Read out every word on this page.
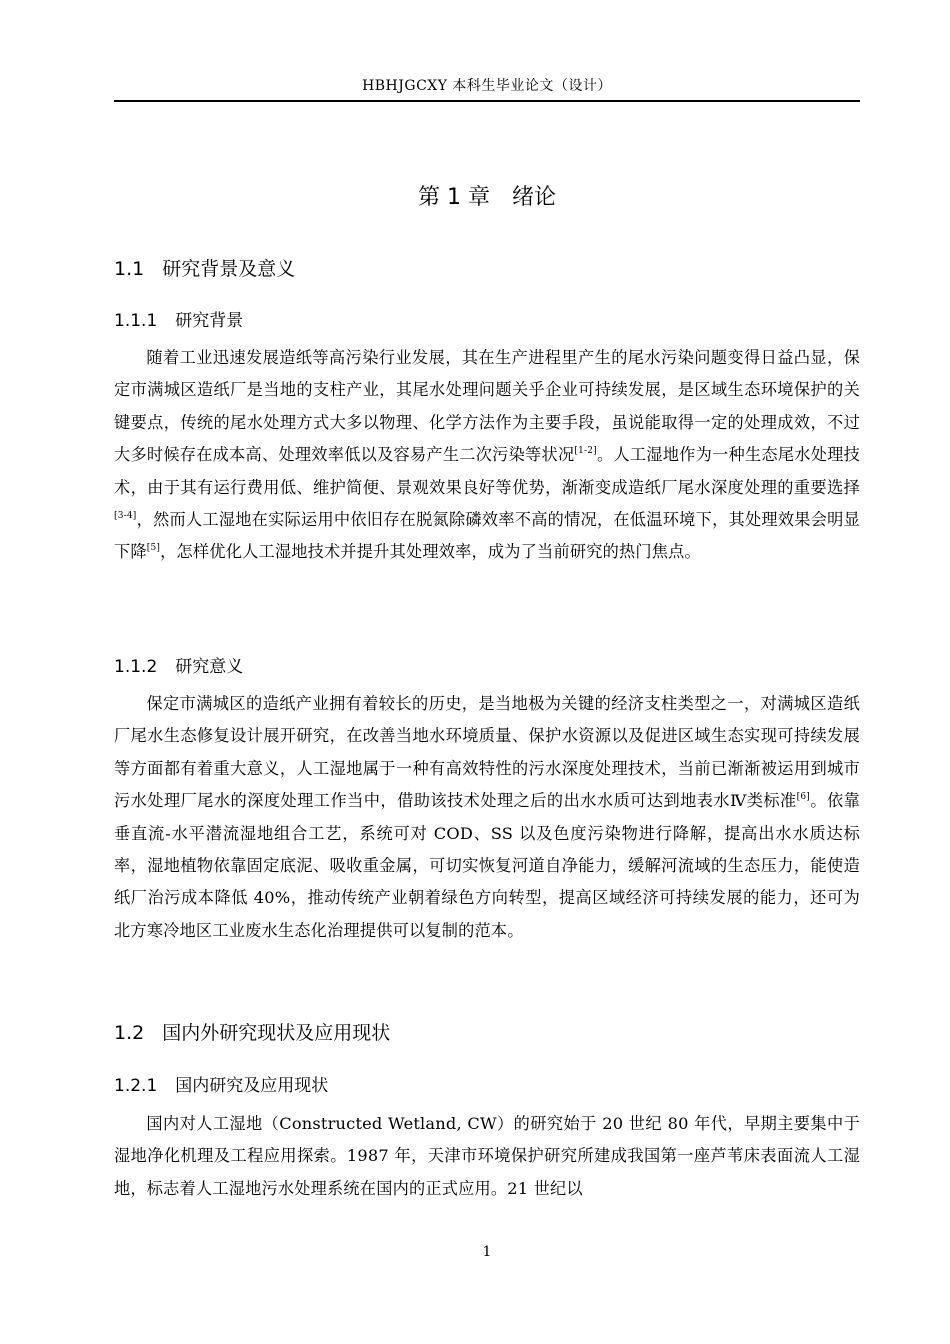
HBHJGCXY 本科生毕业论文（设计）
第 1 章 绪论
1.1 研究背景及意义
1.1.1 研究背景
随着工业迅速发展造纸等高污染行业发展，其在生产进程里产生的尾水污染问题变得日益凸显，保定市满城区造纸厂是当地的支柱产业，其尾水处理问题关乎企业可持续发展，是区域生态环境保护的关键要点，传统的尾水处理方式大多以物理、化学方法作为主要手段，虽说能取得一定的处理成效，不过大多时候存在成本高、处理效率低以及容易产生二次污染等状况[1-2]。人工湿地作为一种生态尾水处理技术，由于其有运行费用低、维护简便、景观效果良好等优势，渐渐变成造纸厂尾水深度处理的重要选择[3-4]，然而人工湿地在实际运用中依旧存在脱氮除磷效率不高的情况，在低温环境下，其处理效果会明显下降[5]，怎样优化人工湿地技术并提升其处理效率，成为了当前研究的热门焦点。
1.1.2 研究意义
保定市满城区的造纸产业拥有着较长的历史，是当地极为关键的经济支柱类型之一，对满城区造纸厂尾水生态修复设计展开研究，在改善当地水环境质量、保护水资源以及促进区域生态实现可持续发展等方面都有着重大意义，人工湿地属于一种有高效特性的污水深度处理技术，当前已渐渐被运用到城市污水处理厂尾水的深度处理工作当中，借助该技术处理之后的出水水质可达到地表水Ⅳ类标准[6]。依靠垂直流-水平潜流湿地组合工艺，系统可对 COD、SS 以及色度污染物进行降解，提高出水水质达标率，湿地植物依靠固定底泥、吸收重金属，可切实恢复河道自净能力，缓解河流域的生态压力，能使造纸厂治污成本降低 40%，推动传统产业朝着绿色方向转型，提高区域经济可持续发展的能力，还可为北方寒冷地区工业废水生态化治理提供可以复制的范本。
1.2 国内外研究现状及应用现状
1.2.1 国内研究及应用现状
国内对人工湿地（Constructed Wetland, CW）的研究始于 20 世纪 80 年代，早期主要集中于湿地净化机理及工程应用探索。1987 年，天津市环境保护研究所建成我国第一座芦苇床表面流人工湿地，标志着人工湿地污水处理系统在国内的正式应用。21 世纪以
1
